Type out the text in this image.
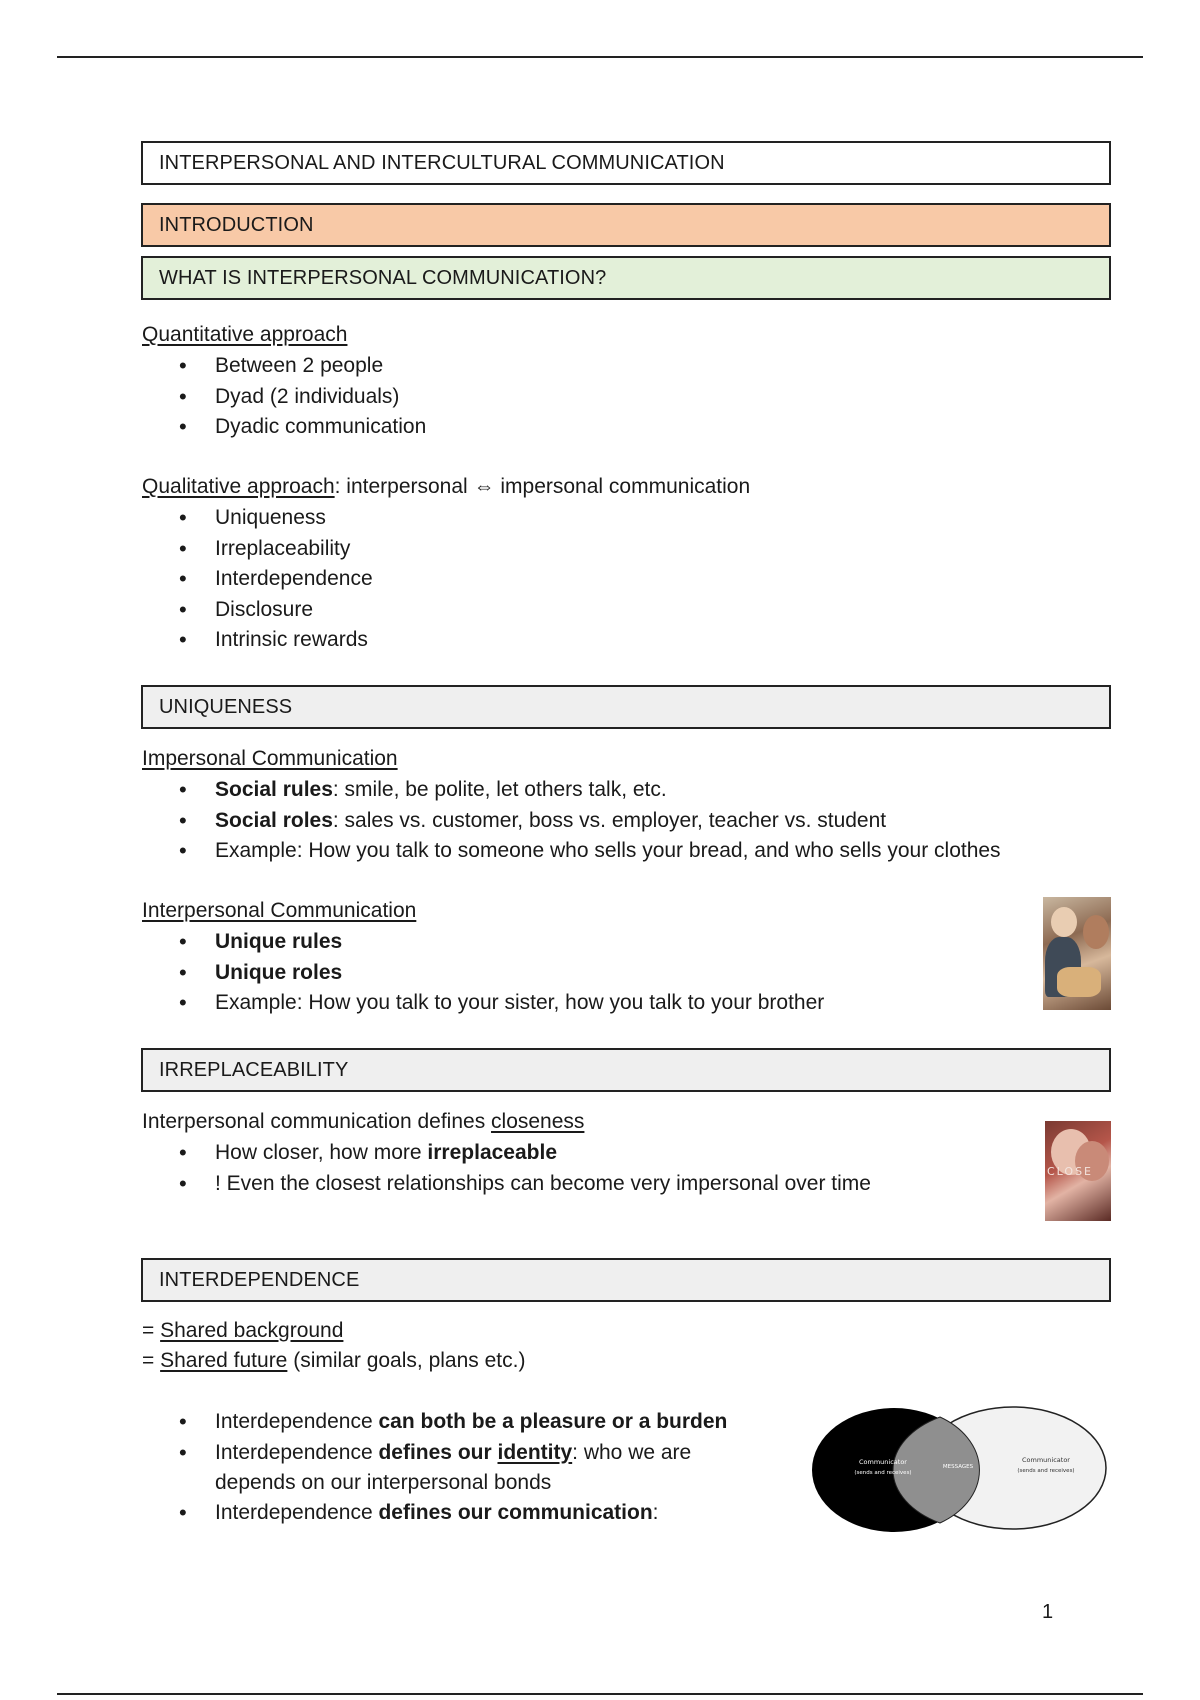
INTERPERSONAL AND INTERCULTURAL COMMUNICATION
INTRODUCTION
WHAT IS INTERPERSONAL COMMUNICATION?
Quantitative approach
• Between 2 people
• Dyad (2 individuals)
• Dyadic communication
Qualitative approach: interpersonal ⇔ impersonal communication
• Uniqueness
• Irreplaceability
• Interdependence
• Disclosure
• Intrinsic rewards
UNIQUENESS
Impersonal Communication
• Social rules: smile, be polite, let others talk, etc.
• Social roles: sales vs. customer, boss vs. employer, teacher vs. student
• Example: How you talk to someone who sells your bread, and who sells your clothes
Interpersonal Communication
• Unique rules
• Unique roles
• Example: How you talk to your sister, how you talk to your brother
IRREPLACEABILITY
Interpersonal communication defines closeness
• How closer, how more irreplaceable
• ! Even the closest relationships can become very impersonal over time	CLOSE
INTERDEPENDENCE
= Shared background
= Shared future (similar goals, plans etc.)
• Interdependence can both be a pleasure or a burden
• Interdependence defines our identity: who we are depends on our interpersonal bonds
• Interdependence defines our communication:
Communicator
(sends and receives)
MESSAGES
Communicator
(sends and receives)
1
